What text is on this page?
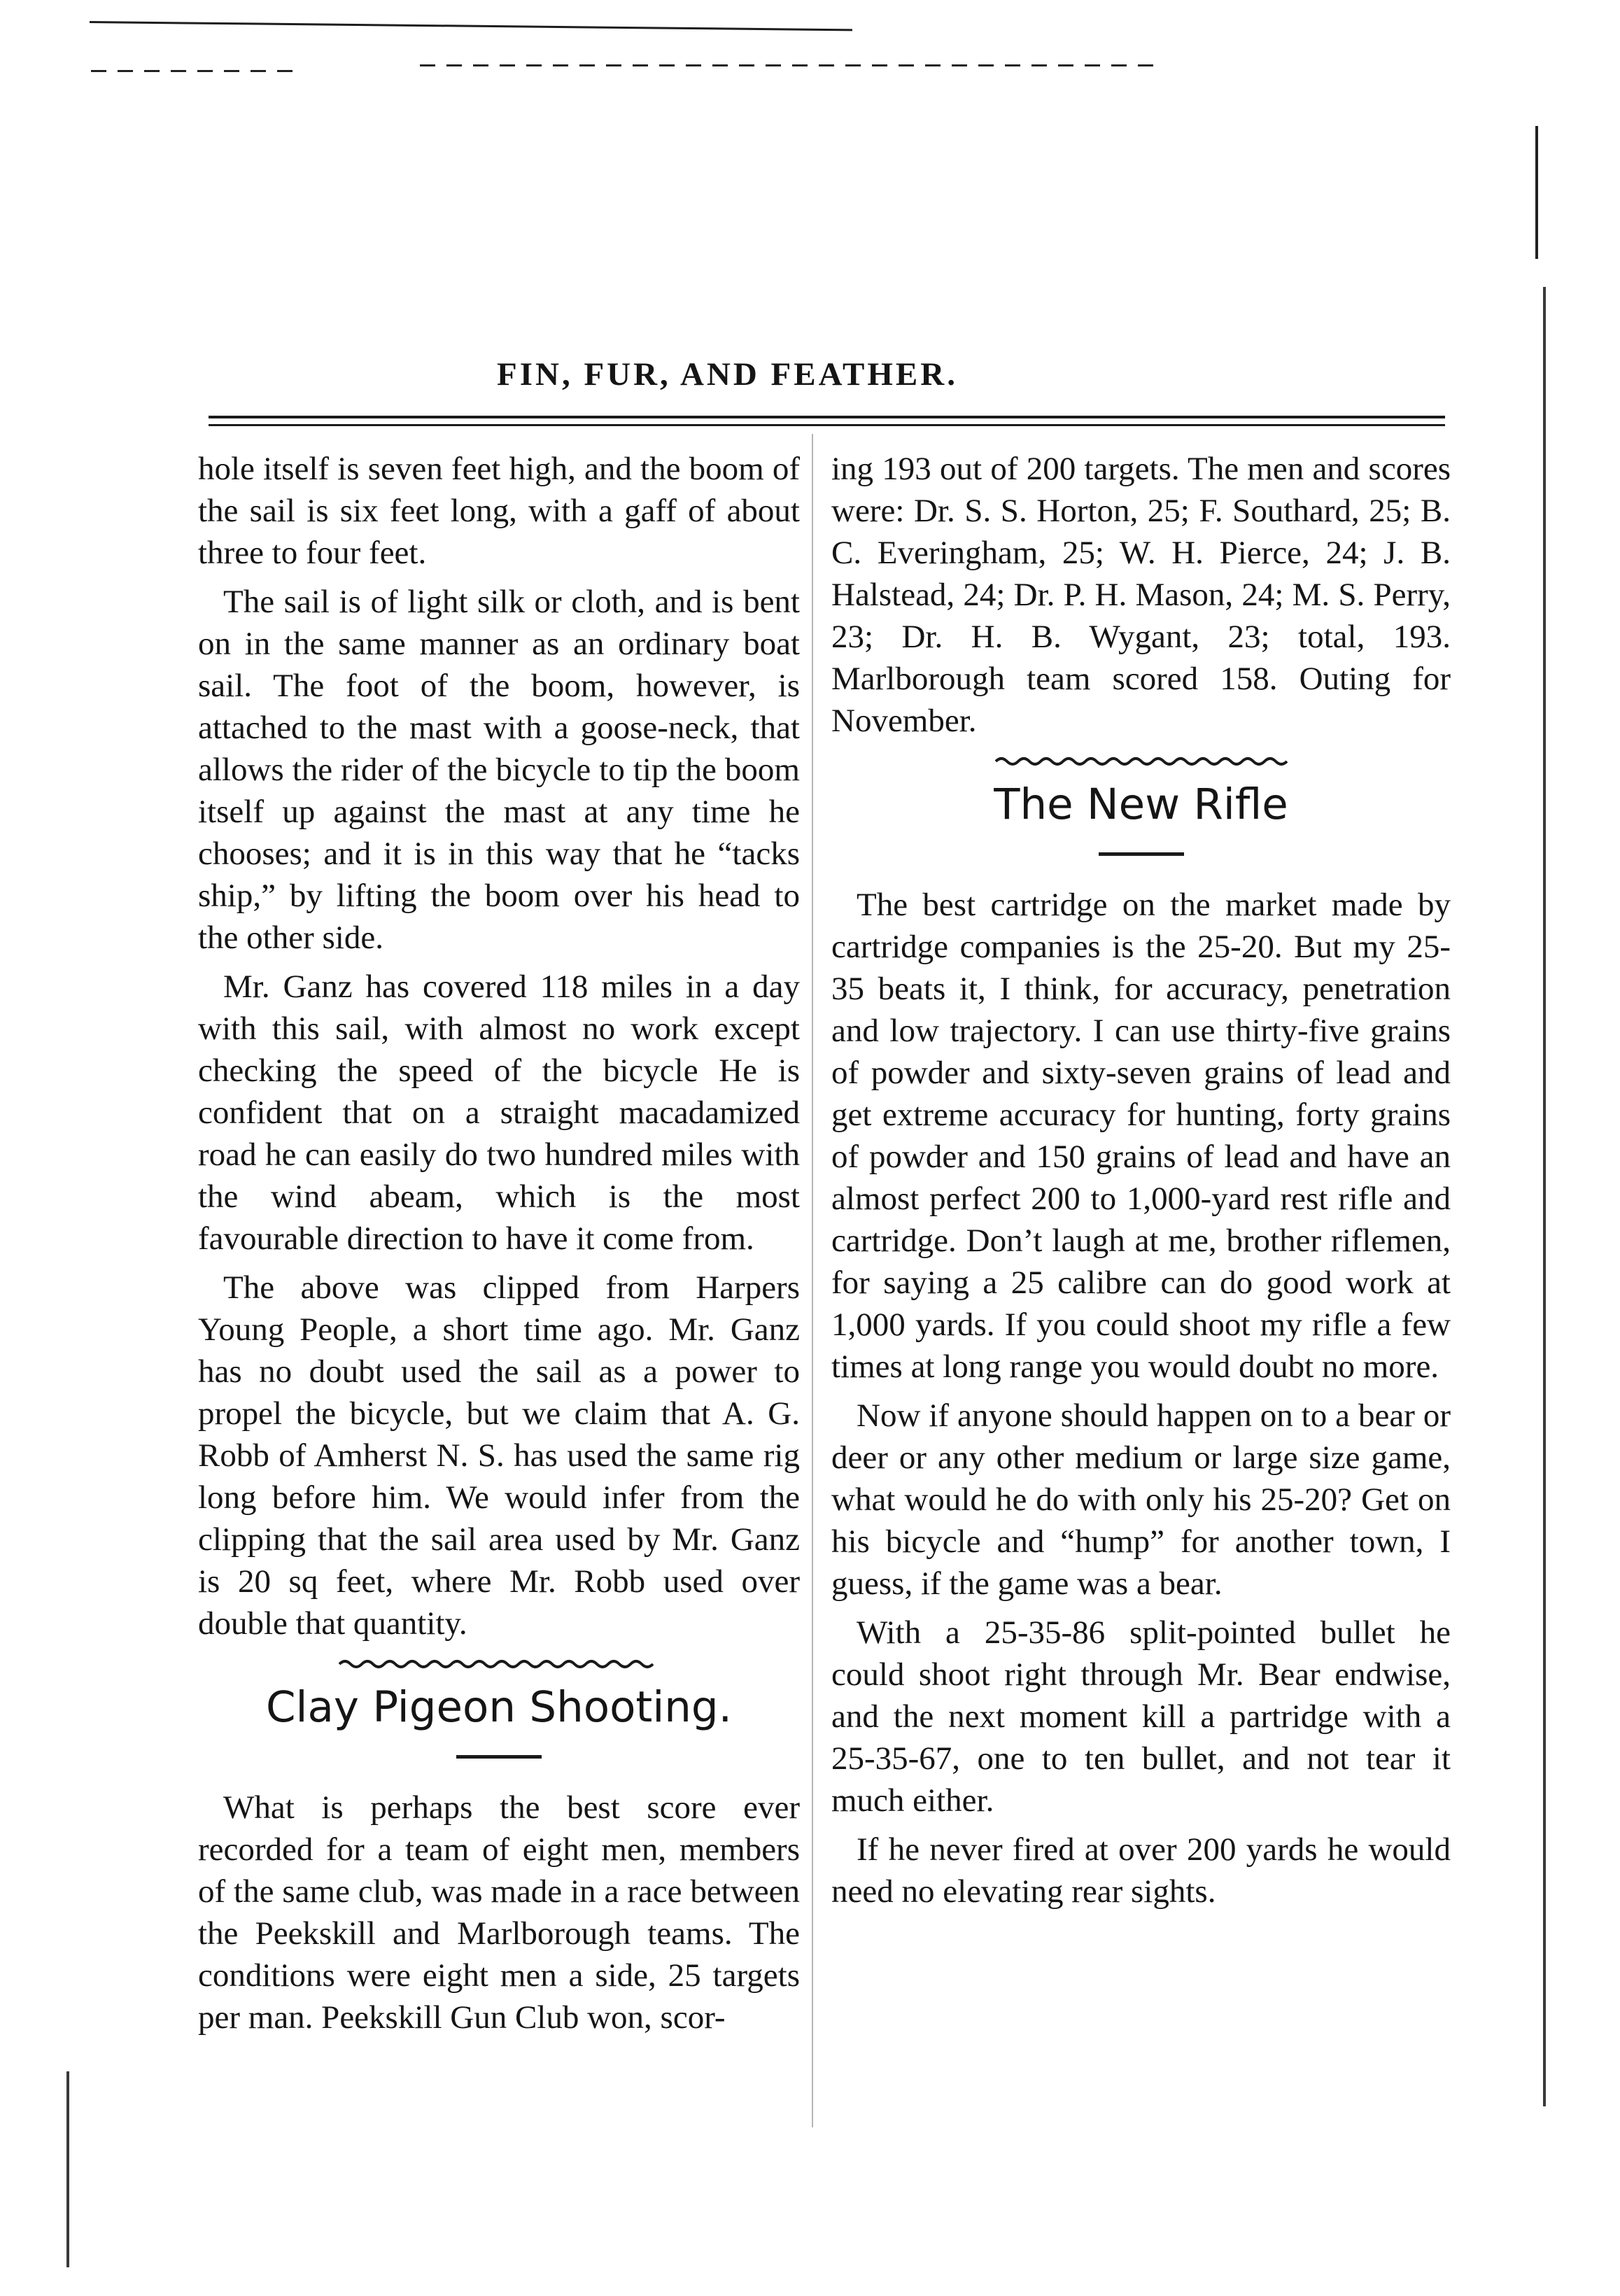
FIN, FUR, AND FEATHER.

hole itself is seven feet high, and the boom of the sail is six feet long, with a gaff of about three to four feet.

The sail is of light silk or cloth, and is bent on in the same manner as an ordinary boat sail. The foot of the boom, however, is attached to the mast with a goose-neck, that allows the rider of the bicycle to tip the boom itself up against the mast at any time he chooses; and it is in this way that he “tacks ship,” by lifting the boom over his head to the other side.

Mr. Ganz has covered 118 miles in a day with this sail, with almost no work except checking the speed of the bicycle He is confident that on a straight macadamized road he can easily do two hundred miles with the wind abeam, which is the most favourable direction to have it come from.

The above was clipped from Harpers Young People, a short time ago. Mr. Ganz has no doubt used the sail as a power to propel the bicycle, but we claim that A. G. Robb of Amherst N. S. has used the same rig long before him. We would infer from the clipping that the sail area used by Mr. Ganz is 20 sq feet, where Mr. Robb used over double that quantity.

Clay Pigeon Shooting.

What is perhaps the best score ever recorded for a team of eight men, members of the same club, was made in a race between the Peekskill and Marlborough teams. The conditions were eight men a side, 25 targets per man. Peekskill Gun Club won, scor-

ing 193 out of 200 targets. The men and scores were: Dr. S. S. Horton, 25; F. Southard, 25; B. C. Everingham, 25; W. H. Pierce, 24; J. B. Halstead, 24; Dr. P. H. Mason, 24; M. S. Perry, 23; Dr. H. B. Wygant, 23; total, 193. Marlborough team scored 158. Outing for November.

The New Rifle

The best cartridge on the market made by cartridge companies is the 25-20. But my 25-35 beats it, I think, for accuracy, penetration and low trajectory. I can use thirty-five grains of powder and sixty-seven grains of lead and get extreme accuracy for hunting, forty grains of powder and 150 grains of lead and have an almost perfect 200 to 1,000-yard rest rifle and cartridge. Don’t laugh at me, brother riflemen, for saying a 25 calibre can do good work at 1,000 yards. If you could shoot my rifle a few times at long range you would doubt no more.

Now if anyone should happen on to a bear or deer or any other medium or large size game, what would he do with only his 25-20? Get on his bicycle and “hump” for another town, I guess, if the game was a bear.

With a 25-35-86 split-pointed bullet he could shoot right through Mr. Bear endwise, and the next moment kill a partridge with a 25-35-67, one to ten bullet, and not tear it much either.

If he never fired at over 200 yards he would need no elevating rear sights.
